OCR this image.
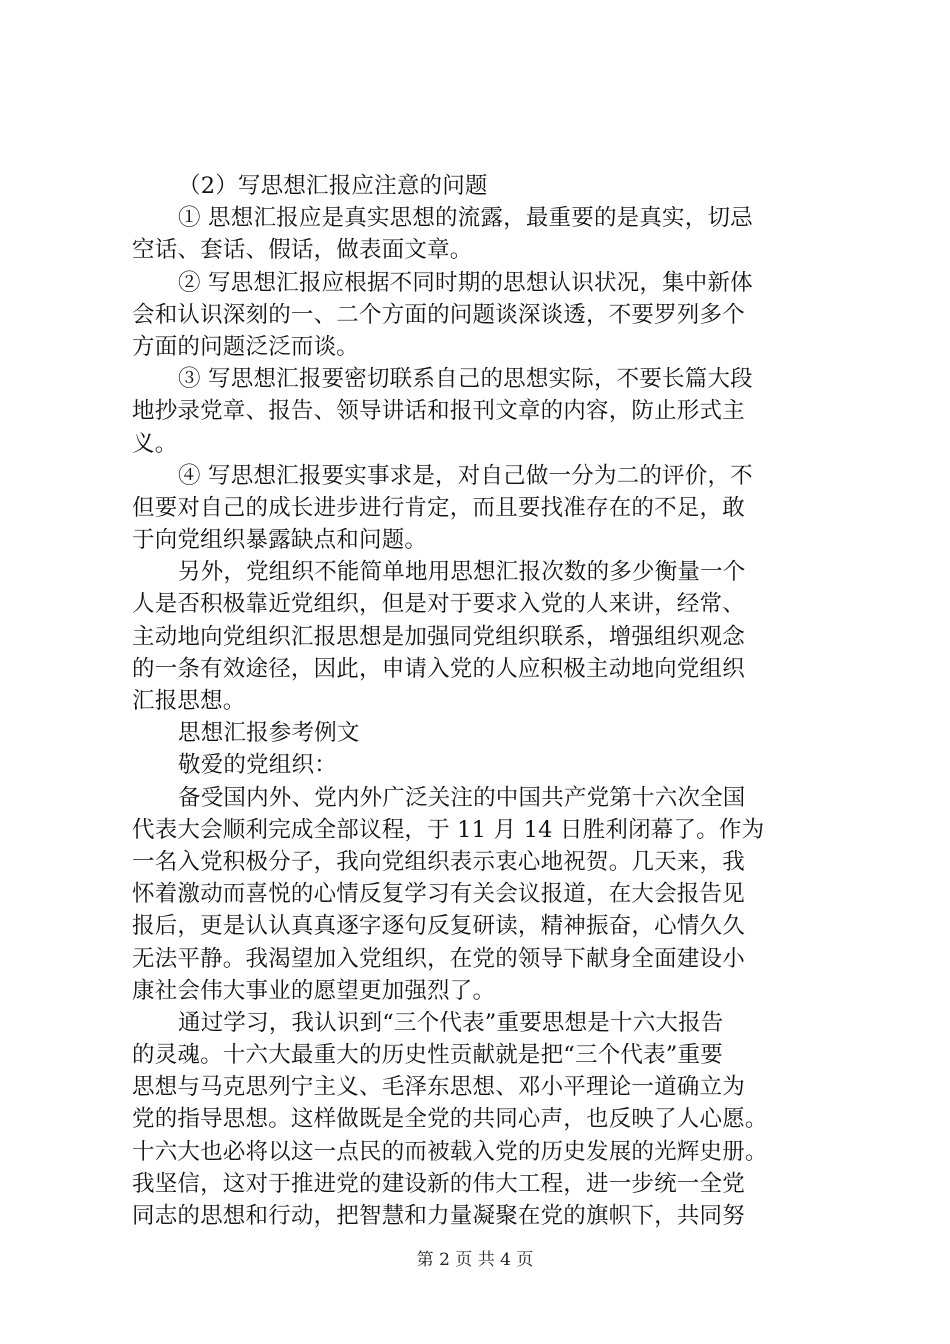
（2）写思想汇报应注意的问题
① 思想汇报应是真实思想的流露，最重要的是真实，切忌
空话、套话、假话，做表面文章。
② 写思想汇报应根据不同时期的思想认识状况，集中新体
会和认识深刻的一、二个方面的问题谈深谈透，不要罗列多个
方面的问题泛泛而谈。
③ 写思想汇报要密切联系自己的思想实际，不要长篇大段
地抄录党章、报告、领导讲话和报刊文章的内容，防止形式主
义。
④ 写思想汇报要实事求是，对自己做一分为二的评价，不
但要对自己的成长进步进行肯定，而且要找准存在的不足，敢
于向党组织暴露缺点和问题。
另外，党组织不能简单地用思想汇报次数的多少衡量一个
人是否积极靠近党组织，但是对于要求入党的人来讲，经常、
主动地向党组织汇报思想是加强同党组织联系，增强组织观念
的一条有效途径，因此，申请入党的人应积极主动地向党组织
汇报思想。
思想汇报参考例文
敬爱的党组织：
备受国内外、党内外广泛关注的中国共产党第十六次全国
代表大会顺利完成全部议程，于 11 月 14 日胜利闭幕了。作为
一名入党积极分子，我向党组织表示衷心地祝贺。几天来，我
怀着激动而喜悦的心情反复学习有关会议报道，在大会报告见
报后，更是认认真真逐字逐句反复研读，精神振奋，心情久久
无法平静。我渴望加入党组织，在党的领导下献身全面建设小
康社会伟大事业的愿望更加强烈了。
通过学习，我认识到“三个代表”重要思想是十六大报告
的灵魂。十六大最重大的历史性贡献就是把“三个代表”重要
思想与马克思列宁主义、毛泽东思想、邓小平理论一道确立为
党的指导思想。这样做既是全党的共同心声，也反映了人心愿。
十六大也必将以这一点民的而被载入党的历史发展的光辉史册。
我坚信，这对于推进党的建设新的伟大工程，进一步统一全党
同志的思想和行动，把智慧和力量凝聚在党的旗帜下，共同努
第 2 页 共 4 页
